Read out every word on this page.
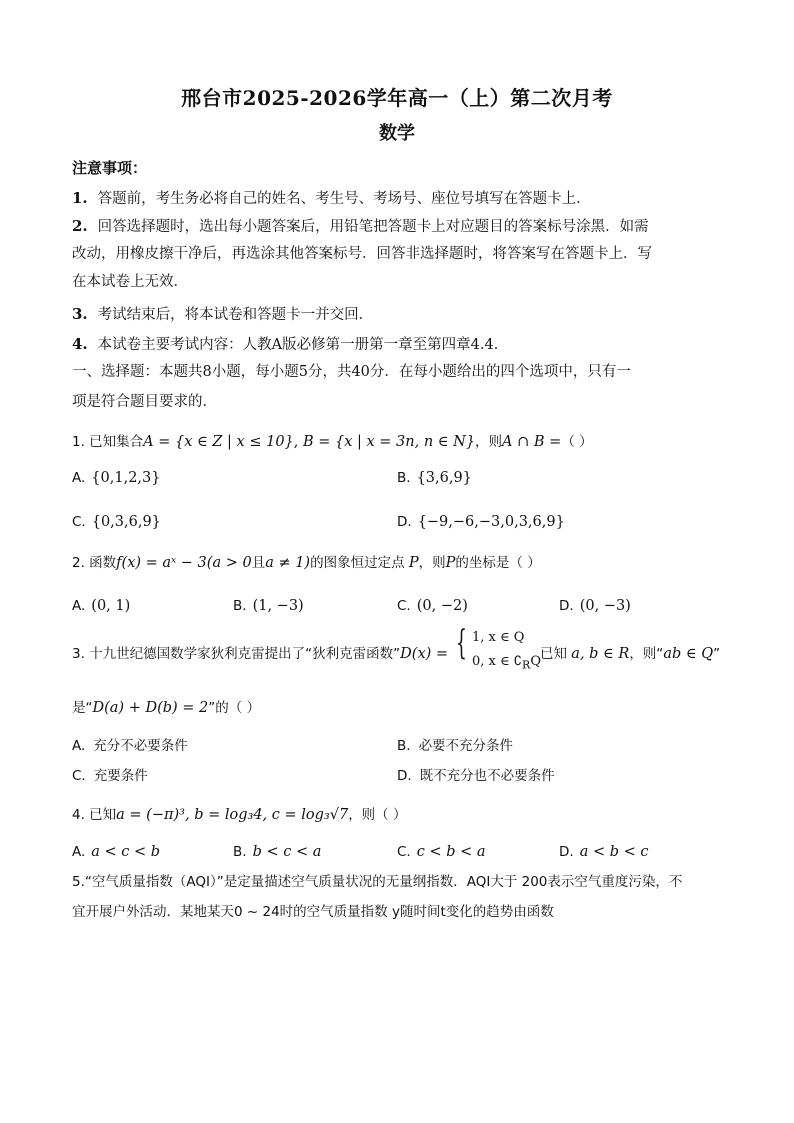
邢台市2025-2026学年高一（上）第二次月考
数学
注意事项：
1. 答题前，考生务必将自己的姓名、考生号、考场号、座位号填写在答题卡上．
2. 回答选择题时，选出每小题答案后，用铅笔把答题卡上对应题目的答案标号涂黑．如需
改动，用橡皮擦干净后，再选涂其他答案标号．回答非选择题时，将答案写在答题卡上．写
在本试卷上无效．
3. 考试结束后，将本试卷和答题卡一并交回．
4. 本试卷主要考试内容：人教A版必修第一册第一章至第四章4.4．
一、选择题：本题共8小题，每小题5分，共40分．在每小题给出的四个选项中，只有一
项是符合题目要求的．
1. 已知集合A = {x ∈ Z | x ≤ 10}, B = {x | x = 3n, n ∈ N}，则A ∩ B =（ ）
A. {0,1,2,3}	B. {3,6,9}
C. {0,3,6,9}	D. {−9,−6,−3,0,3,6,9}
2. 函数f(x) = aˣ − 3(a > 0且a ≠ 1)的图象恒过定点 P，则P的坐标是（ ）
A. (0, 1)	B. (1, −3)	C. (0, −2)	D. (0, −3)
3. 十九世纪德国数学家狄利克雷提出了“狄利克雷函数”D(x) = { 1, x ∈ Q
0, x ∈ $∁_RQ$ 已知 a, b ∈ R，则“ab ∈ Q”
是“D(a) + D(b) = 2”的（ ）
A. 充分不必要条件	B. 必要不充分条件
C. 充要条件	D. 既不充分也不必要条件
4. 已知a = (−π)³, b = log₃4, c = log₃√7，则（ ）
A. a < c < b	B. b < c < a	C. c < b < a	D. a < b < c
5.“空气质量指数（AQI）”是定量描述空气质量状况的无量纲指数．AQI大于 200表示空气重度污染，不
宜开展户外活动．某地某天0 ~ 24时的空气质量指数 y随时间t变化的趋势由函数
